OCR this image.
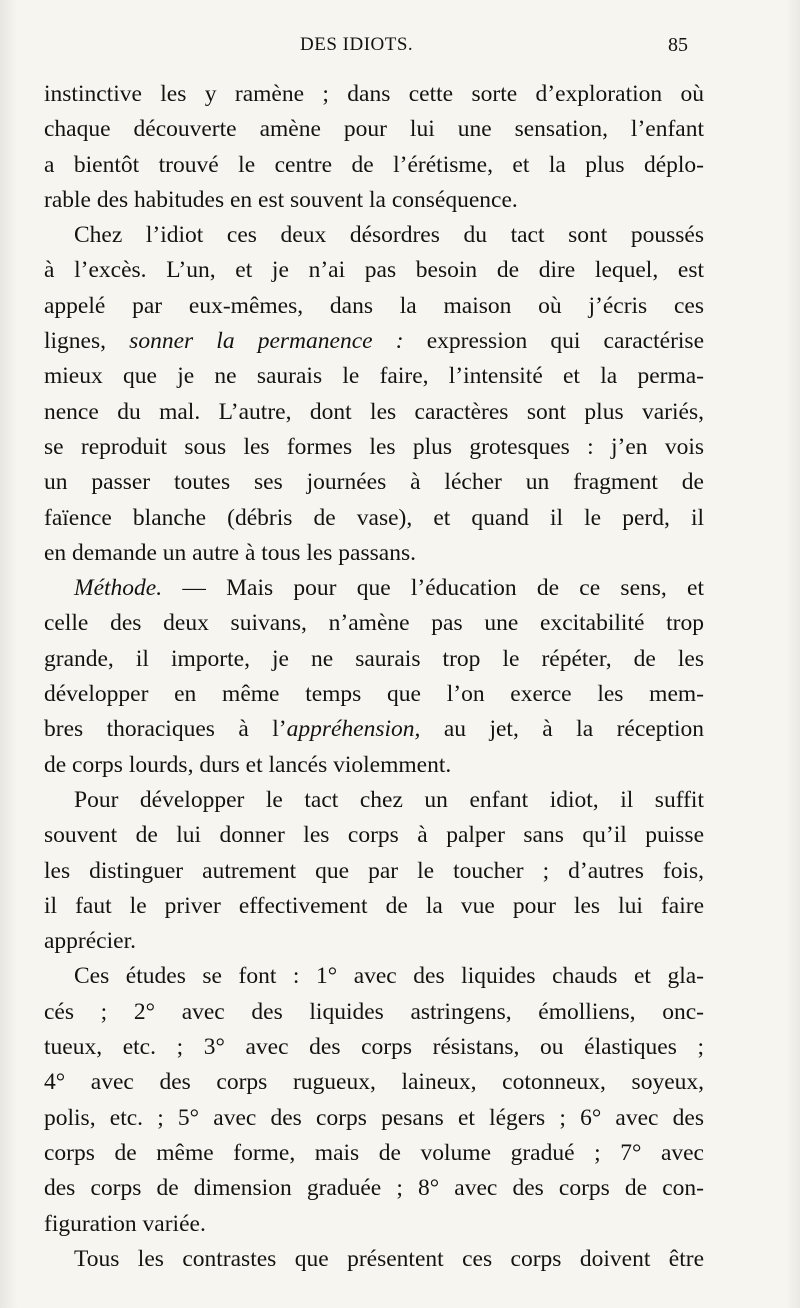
DES IDIOTS.	85
instinctive les y ramène ; dans cette sorte d’exploration où
chaque découverte amène pour lui une sensation, l’enfant
a bientôt trouvé le centre de l’érétisme, et la plus déplo-
rable des habitudes en est souvent la conséquence.
Chez l’idiot ces deux désordres du tact sont poussés
à l’excès. L’un, et je n’ai pas besoin de dire lequel, est
appelé par eux-mêmes, dans la maison où j’écris ces
lignes, sonner la permanence : expression qui caractérise
mieux que je ne saurais le faire, l’intensité et la perma-
nence du mal. L’autre, dont les caractères sont plus variés,
se reproduit sous les formes les plus grotesques : j’en vois
un passer toutes ses journées à lécher un fragment de
faïence blanche (débris de vase), et quand il le perd, il
en demande un autre à tous les passans.
Méthode. — Mais pour que l’éducation de ce sens, et
celle des deux suivans, n’amène pas une excitabilité trop
grande, il importe, je ne saurais trop le répéter, de les
développer en même temps que l’on exerce les mem-
bres thoraciques à l’appréhension, au jet, à la réception
de corps lourds, durs et lancés violemment.
Pour développer le tact chez un enfant idiot, il suffit
souvent de lui donner les corps à palper sans qu’il puisse
les distinguer autrement que par le toucher ; d’autres fois,
il faut le priver effectivement de la vue pour les lui faire
apprécier.
Ces études se font : 1° avec des liquides chauds et gla-
cés ; 2° avec des liquides astringens, émolliens, onc-
tueux, etc. ; 3° avec des corps résistans, ou élastiques ;
4° avec des corps rugueux, laineux, cotonneux, soyeux,
polis, etc. ; 5° avec des corps pesans et légers ; 6° avec des
corps de même forme, mais de volume gradué ; 7° avec
des corps de dimension graduée ; 8° avec des corps de con-
figuration variée.
Tous les contrastes que présentent ces corps doivent être
